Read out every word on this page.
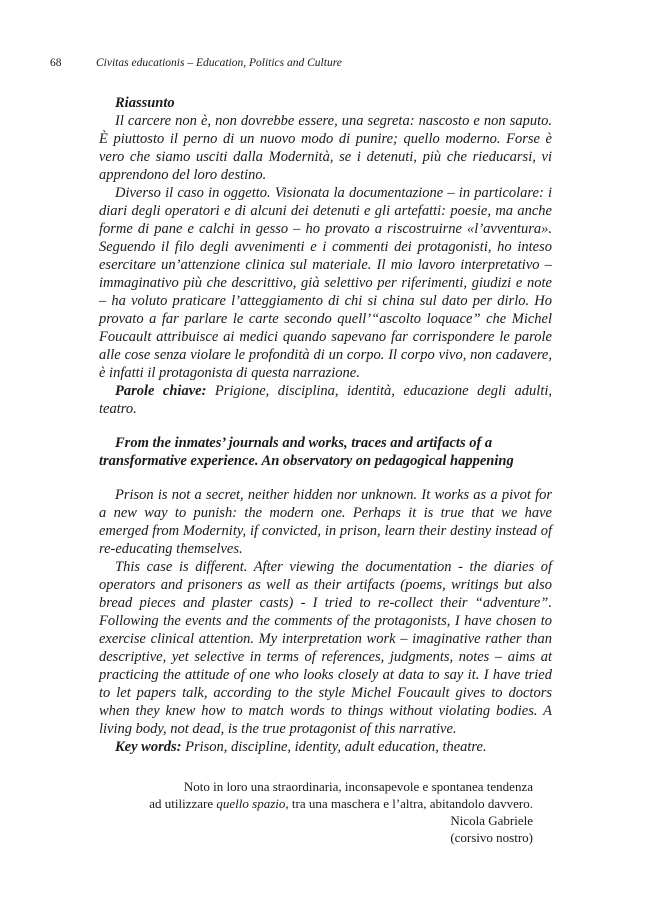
68	Civitas educationis – Education, Politics and Culture

Riassunto

Il carcere non è, non dovrebbe essere, una segreta: nascosto e non saputo. È piuttosto il perno di un nuovo modo di punire; quello moderno. Forse è vero che siamo usciti dalla Modernità, se i detenuti, più che rieducarsi, vi apprendono del loro destino.

Diverso il caso in oggetto. Visionata la documentazione – in particolare: i diari degli operatori e di alcuni dei detenuti e gli artefatti: poesie, ma anche forme di pane e calchi in gesso – ho provato a riscostruirne «l’avventura». Seguendo il filo degli avvenimenti e i commenti dei protagonisti, ho inteso esercitare un’attenzione clinica sul materiale. Il mio lavoro interpretativo – immaginativo più che descrittivo, già selettivo per riferimenti, giudizi e note – ha voluto praticare l’atteggiamento di chi si china sul dato per dirlo. Ho provato a far parlare le carte secondo quell’“ascolto loquace” che Michel Foucault attribuisce ai medici quando sapevano far corrispondere le parole alle cose senza violare le profondità di un corpo. Il corpo vivo, non cadavere, è infatti il protagonista di questa narrazione.

Parole chiave: Prigione, disciplina, identità, educazione degli adulti, teatro.

From the inmates’ journals and works, traces and artifacts of a
transformative experience. An observatory on pedagogical happening

Prison is not a secret, neither hidden nor unknown. It works as a pivot for a new way to punish: the modern one. Perhaps it is true that we have emerged from Modernity, if convicted, in prison, learn their destiny instead of re-educating themselves.

This case is different. After viewing the documentation - the diaries of operators and prisoners as well as their artifacts (poems, writings but also bread pieces and plaster casts) - I tried to re-collect their “adventure”. Following the events and the comments of the protagonists, I have chosen to exercise clinical attention. My interpretation work – imaginative rather than descriptive, yet selective in terms of references, judgments, notes – aims at practicing the attitude of one who looks closely at data to say it. I have tried to let papers talk, according to the style Michel Foucault gives to doctors when they knew how to match words to things without violating bodies. A living body, not dead, is the true protagonist of this narrative.

Key words: Prison, discipline, identity, adult education, theatre.

Noto in loro una straordinaria, inconsapevole e spontanea tendenza
ad utilizzare quello spazio, tra una maschera e l’altra, abitandolo davvero.
Nicola Gabriele
(corsivo nostro)
